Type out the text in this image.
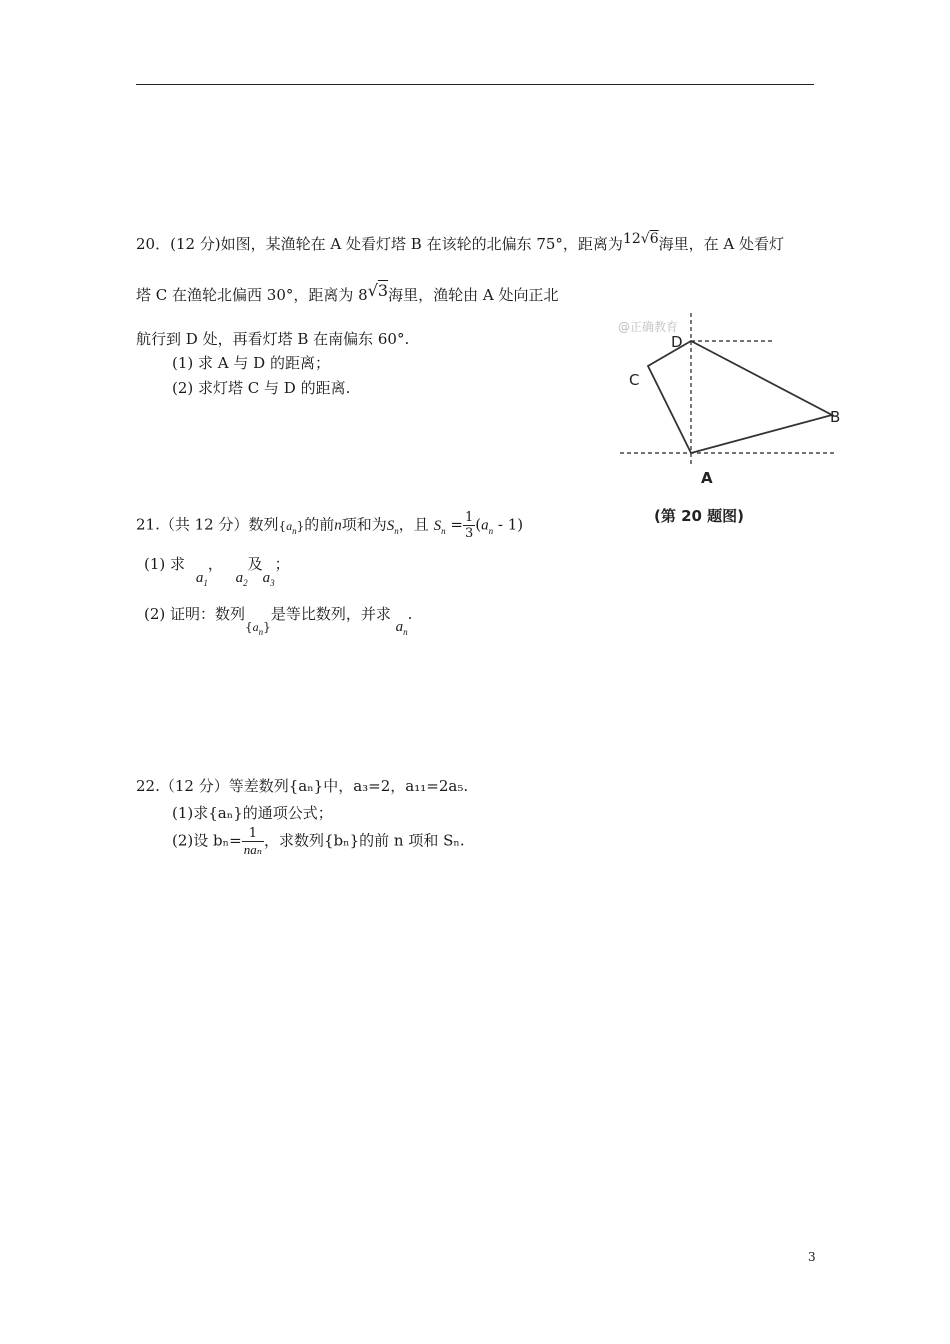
20．(12 分)如图，某渔轮在 A 处看灯塔 B 在该轮的北偏东 75°，距离为12√6海里，在 A 处看灯
塔 C 在渔轮北偏西 30°，距离为 8√3海里，渔轮由 A 处向正北
航行到 D 处，再看灯塔 B 在南偏东 60°.
(1) 求 A 与 D 的距离；
(2) 求灯塔 C 与 D 的距离.
@正确教育
D
C
B
A
(第 20 题图)
21.（共 12 分）数列$\{a_n\}$的前n项和为$S_n$，且 $S_n = \frac{1}{3} (a_n - 1)$
(1) 求 $a_1$， $a_2$及$a_3$；
(2) 证明：数列$_{\{a_n\}}$是等比数列，并求 $a_n$.
22.（12 分）等差数列{aₙ}中，a₃=2，a₁₁=2a₅.
(1)求{aₙ}的通项公式；
(2)设 $b_n= \frac{1}{\text{naₙ}}$ ，求数列{bₙ}的前 n 项和 Sₙ.
3
